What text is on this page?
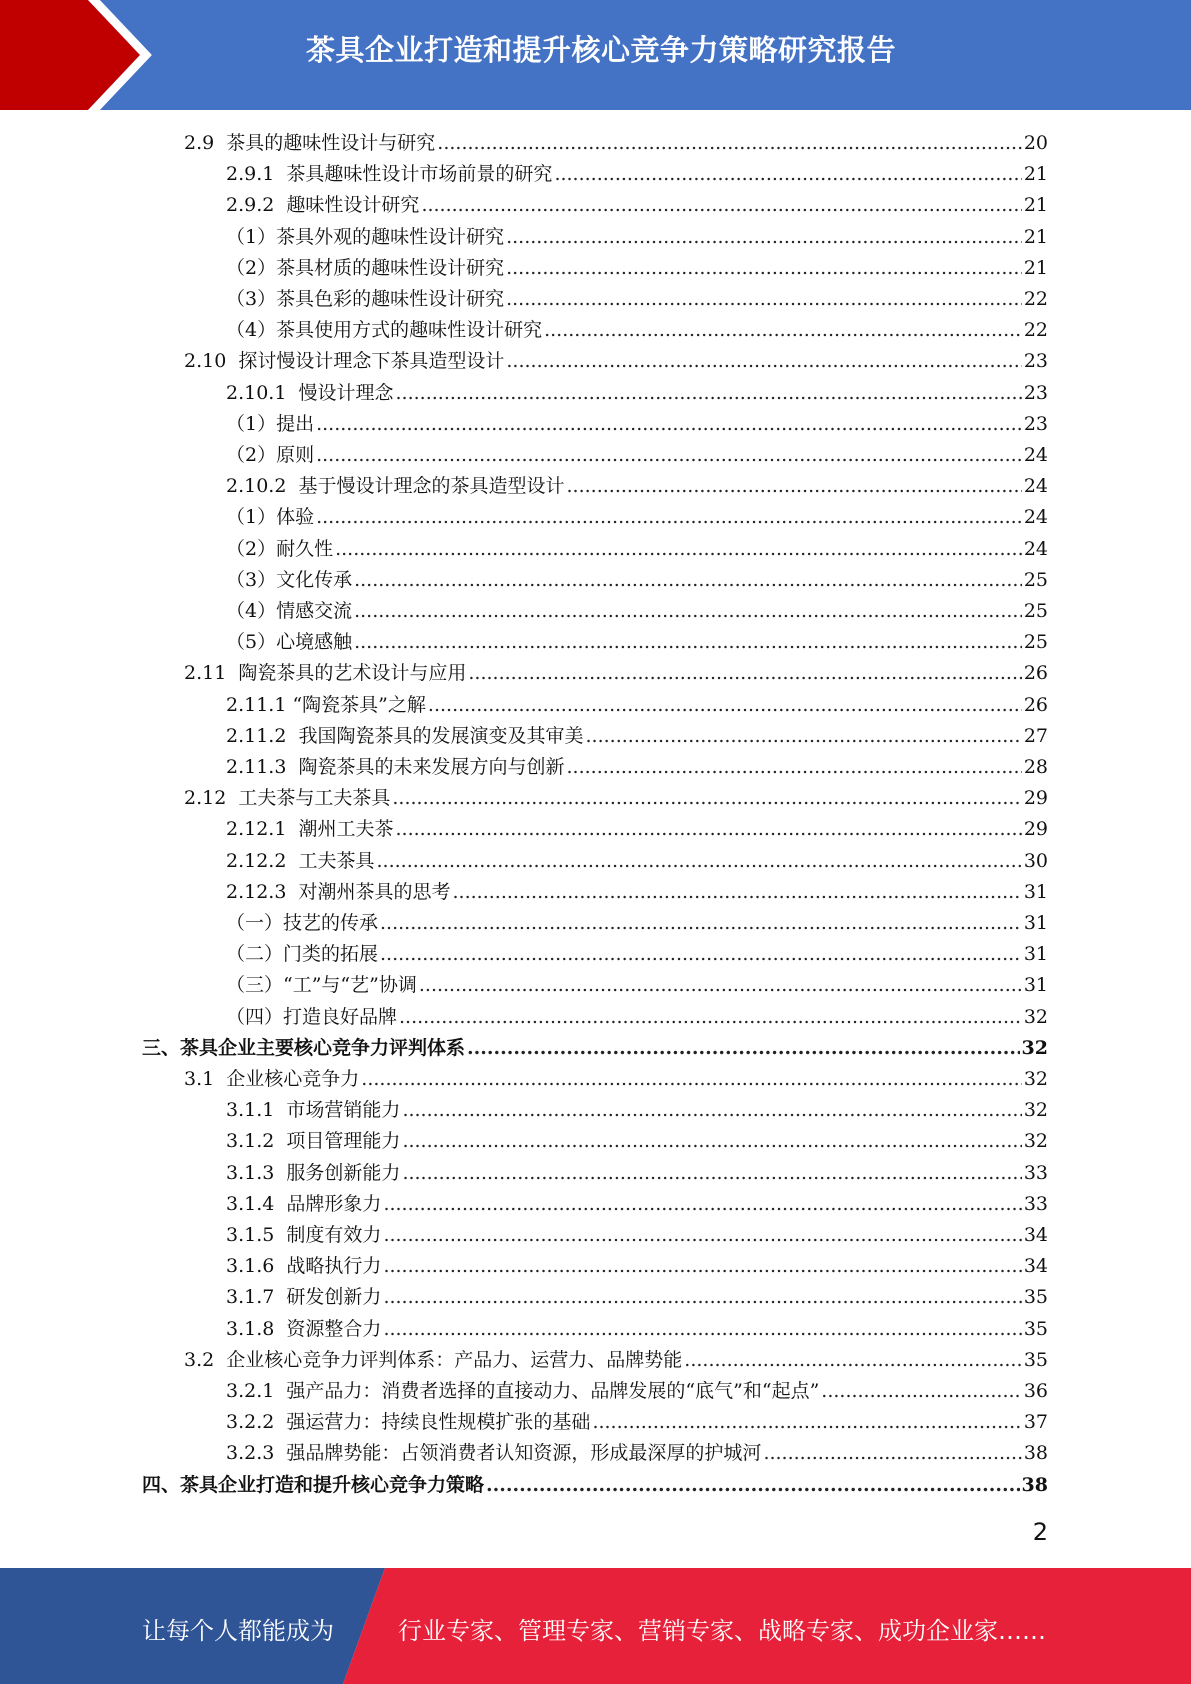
茶具企业打造和提升核心竞争力策略研究报告
2.9  茶具的趣味性设计与研究 .....	20
2.9.1  茶具趣味性设计市场前景的研究 .....	21
2.9.2  趣味性设计研究 .....	21
（1）茶具外观的趣味性设计研究 .....	21
（2）茶具材质的趣味性设计研究 .....	21
（3）茶具色彩的趣味性设计研究 .....	22
（4）茶具使用方式的趣味性设计研究 .....	22
2.10  探讨慢设计理念下茶具造型设计 .....	23
2.10.1  慢设计理念 .....	23
（1）提出 .....	23
（2）原则 .....	24
2.10.2  基于慢设计理念的茶具造型设计 .....	24
（1）体验 .....	24
（2）耐久性 .....	24
（3）文化传承 .....	25
（4）情感交流 .....	25
（5）心境感触 .....	25
2.11  陶瓷茶具的艺术设计与应用 .....	26
2.11.1 “陶瓷茶具”之解 .....	26
2.11.2  我国陶瓷茶具的发展演变及其审美 .....	27
2.11.3  陶瓷茶具的未来发展方向与创新 .....	28
2.12  工夫茶与工夫茶具 .....	29
2.12.1  潮州工夫茶 .....	29
2.12.2  工夫茶具 .....	30
2.12.3  对潮州茶具的思考 .....	31
（一）技艺的传承 .....	31
（二）门类的拓展 .....	31
（三）“工”与“艺”协调 .....	31
（四）打造良好品牌 .....	32
三、茶具企业主要核心竞争力评判体系 .....	32
3.1  企业核心竞争力 .....	32
3.1.1  市场营销能力 .....	32
3.1.2  项目管理能力 .....	32
3.1.3  服务创新能力 .....	33
3.1.4  品牌形象力 .....	33
3.1.5  制度有效力 .....	34
3.1.6  战略执行力 .....	34
3.1.7  研发创新力 .....	35
3.1.8  资源整合力 .....	35
3.2  企业核心竞争力评判体系：产品力、运营力、品牌势能 .....	35
3.2.1  强产品力：消费者选择的直接动力、品牌发展的“底气”和“起点” .....	36
3.2.2  强运营力：持续良性规模扩张的基础 .....	37
3.2.3  强品牌势能：占领消费者认知资源，形成最深厚的护城河 .....	38
四、茶具企业打造和提升核心竞争力策略 .....	38
2
让每个人都能成为	行业专家、管理专家、营销专家、战略专家、成功企业家……
